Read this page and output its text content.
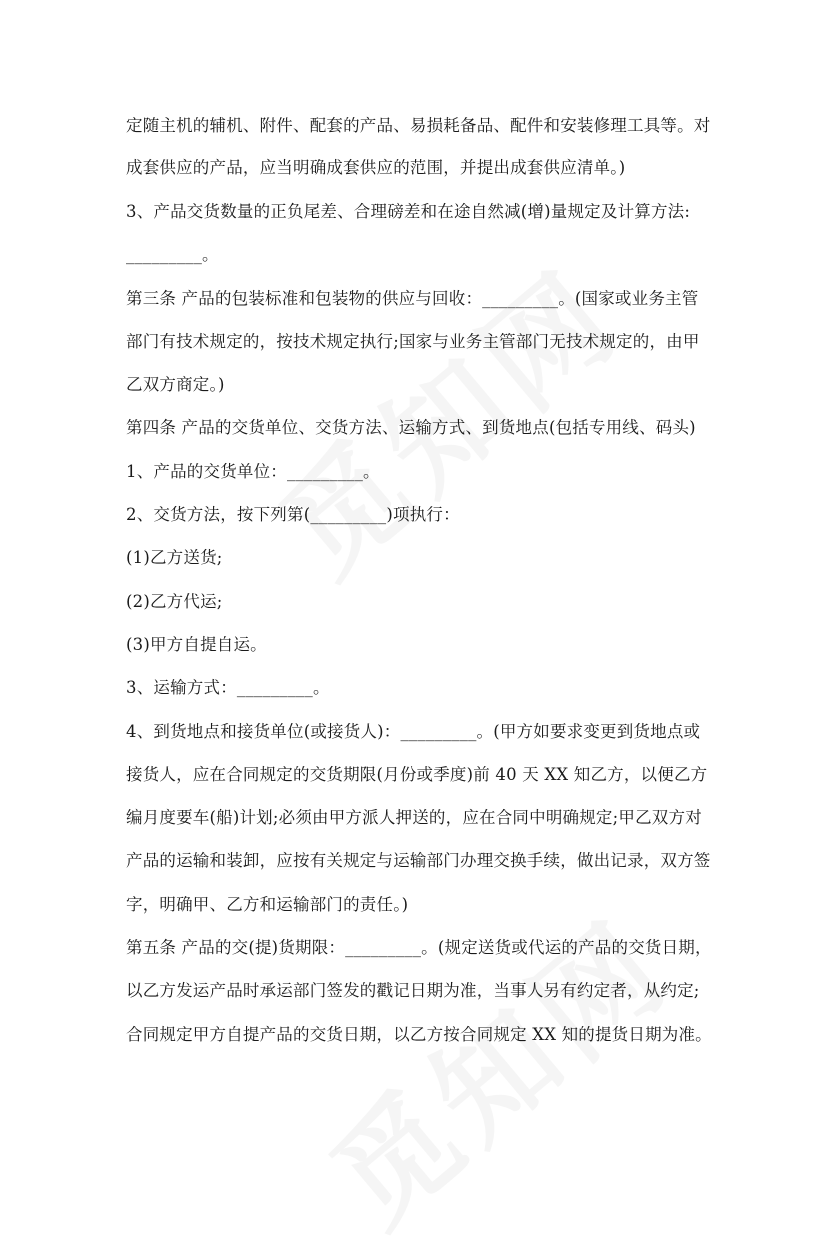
定随主机的辅机、附件、配套的产品、易损耗备品、配件和安装修理工具等。对
成套供应的产品，应当明确成套供应的范围，并提出成套供应清单。)
3、产品交货数量的正负尾差、合理磅差和在途自然减(增)量规定及计算方法:
_________。
第三条 产品的包装标准和包装物的供应与回收：_________。(国家或业务主管
部门有技术规定的，按技术规定执行;国家与业务主管部门无技术规定的，由甲
乙双方商定。)
第四条 产品的交货单位、交货方法、运输方式、到货地点(包括专用线、码头)
1、产品的交货单位：_________。
2、交货方法，按下列第(_________)项执行：
(1)乙方送货;
(2)乙方代运;
(3)甲方自提自运。
3、运输方式：_________。
4、到货地点和接货单位(或接货人)：_________。(甲方如要求变更到货地点或
接货人，应在合同规定的交货期限(月份或季度)前 40 天 XX 知乙方，以便乙方
编月度要车(船)计划;必须由甲方派人押送的，应在合同中明确规定;甲乙双方对
产品的运输和装卸，应按有关规定与运输部门办理交换手续，做出记录，双方签
字，明确甲、乙方和运输部门的责任。)
第五条 产品的交(提)货期限：_________。(规定送货或代运的产品的交货日期，
以乙方发运产品时承运部门签发的戳记日期为准，当事人另有约定者，从约定;
合同规定甲方自提产品的交货日期，以乙方按合同规定 XX 知的提货日期为准。
